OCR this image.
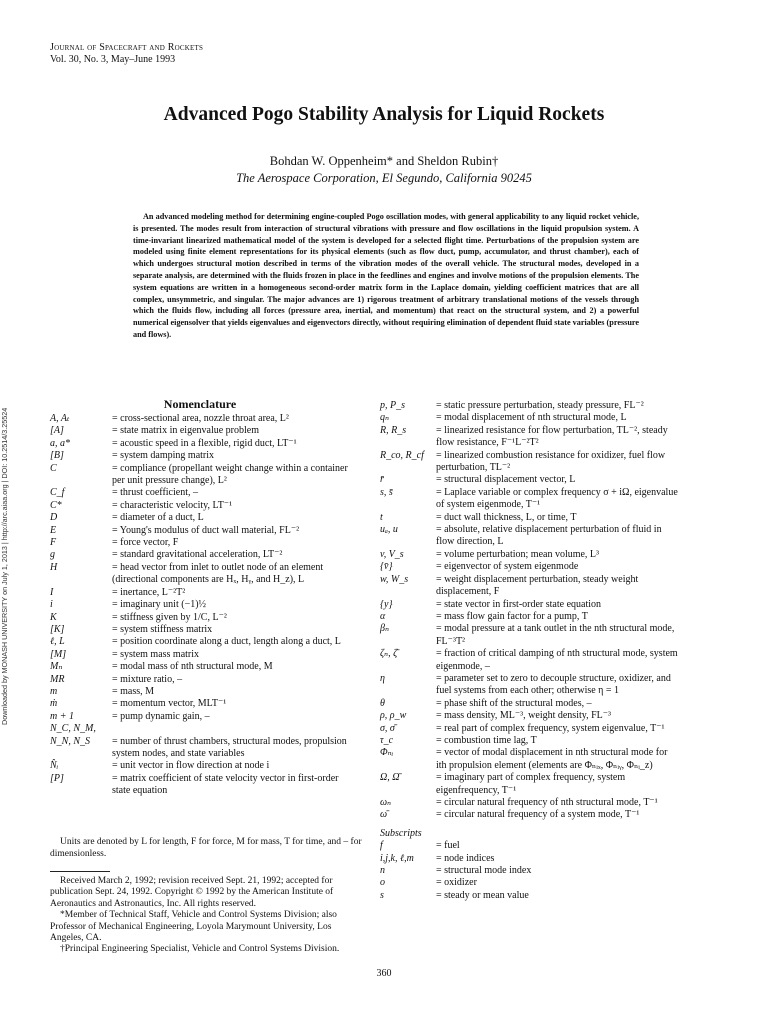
Journal of Spacecraft and Rockets
Vol. 30, No. 3, May–June 1993
Advanced Pogo Stability Analysis for Liquid Rockets
Bohdan W. Oppenheim* and Sheldon Rubin†
The Aerospace Corporation, El Segundo, California 90245
An advanced modeling method for determining engine-coupled Pogo oscillation modes, with general applicability to any liquid rocket vehicle, is presented. The modes result from interaction of structural vibrations with pressure and flow oscillations in the liquid propulsion system. A time-invariant linearized mathematical model of the system is developed for a selected flight time. Perturbations of the propulsion system are modeled using finite element representations for its physical elements (such as flow duct, pump, accumulator, and thrust chamber), each of which undergoes structural motion described in terms of the vibration modes of the overall vehicle. The structural modes, developed in a separate analysis, are determined with the fluids frozen in place in the feedlines and engines and involve motions of the propulsion elements. The system equations are written in a homogeneous second-order matrix form in the Laplace domain, yielding coefficient matrices that are all complex, unsymmetric, and singular. The major advances are 1) rigorous treatment of arbitrary translational motions of the vessels through which the fluids flow, including all forces (pressure area, inertial, and momentum) that react on the structural system, and 2) a powerful numerical eigensolver that yields eigenvalues and eigenvectors directly, without requiring elimination of dependent fluid state variables (pressure and flows).
Downloaded by MONASH UNIVERSITY on July 1, 2013 | http://arc.aiaa.org | DOI: 10.2514/3.25524
Nomenclature
A, Aₜ	= cross-sectional area, nozzle throat area, L²
[A]	= state matrix in eigenvalue problem
a, a*	= acoustic speed in a flexible, rigid duct, LT⁻¹
[B]	= system damping matrix
C	= compliance (propellant weight change within a container per unit pressure change), L²
C_f	= thrust coefficient, –
C*	= characteristic velocity, LT⁻¹
D	= diameter of a duct, L
E	= Young's modulus of duct wall material, FL⁻²
F	= force vector, F
g	= standard gravitational acceleration, LT⁻²
H	= head vector from inlet to outlet node of an element (directional components are Hₓ, Hᵧ, and H_z), L
I	= inertance, L⁻²T²
i	= imaginary unit (−1)½
K	= stiffness given by 1/C, L⁻²
[K]	= system stiffness matrix
ℓ, L	= position coordinate along a duct, length along a duct, L
[M]	= system mass matrix
Mₙ	= modal mass of nth structural mode, M
MR	= mixture ratio, –
m	= mass, M
ṁ	= momentum vector, MLT⁻¹
m + 1	= pump dynamic gain, –
N_C, N_M,
N_N, N_S	= number of thrust chambers, structural modes, propulsion system nodes, and state variables
N̂ᵢ	= unit vector in flow direction at node i
[P]	= matrix coefficient of state velocity vector in first-order state equation
Units are denoted by L for length, F for force, M for mass, T for time, and – for dimensionless.

Received March 2, 1992; revision received Sept. 21, 1992; accepted for publication Sept. 24, 1992. Copyright © 1992 by the American Institute of Aeronautics and Astronautics, Inc. All rights reserved.

*Member of Technical Staff, Vehicle and Control Systems Division; also Professor of Mechanical Engineering, Loyola Marymount University, Los Angeles, CA.

†Principal Engineering Specialist, Vehicle and Control Systems Division.

p, P_s	= static pressure perturbation, steady pressure, FL⁻²
qₙ	= modal displacement of nth structural mode, L
R, R_s	= linearized resistance for flow perturbation, TL⁻², steady flow resistance, F⁻¹L⁻²T²
R_co, R_cf	= linearized combustion resistance for oxidizer, fuel flow perturbation, TL⁻²
r̄	= structural displacement vector, L
s, s̄	= Laplace variable or complex frequency σ + iΩ, eigenvalue of system eigenmode, T⁻¹
t	= duct wall thickness, L, or time, T
uₐ, u	= absolute, relative displacement perturbation of fluid in flow direction, L
v, V_s	= volume perturbation; mean volume, L³
{v̄}	= eigenvector of system eigenmode
w, W_s	= weight displacement perturbation, steady weight displacement, F
{y}	= state vector in first-order state equation
α	= mass flow gain factor for a pump, T
βₙ	= modal pressure at a tank outlet in the nth structural mode, FL⁻³T²
ζₙ, ζ̄	= fraction of critical damping of nth structural mode, system eigenmode, –
η	= parameter set to zero to decouple structure, oxidizer, and fuel systems from each other; otherwise η = 1
θ	= phase shift of the structural modes, –
ρ, ρ_w	= mass density, ML⁻³, weight density, FL⁻³
σ, σ̄	= real part of complex frequency, system eigenvalue, T⁻¹
τ_c	= combustion time lag, T
Φₙᵢ	= vector of modal displacement in nth structural mode for ith propulsion element (elements are Φₙᵢₓ, Φₙᵢᵧ, Φₙᵢ_z)
Ω, Ω̄	= imaginary part of complex frequency, system eigenfrequency, T⁻¹
ωₙ	= circular natural frequency of nth structural mode, T⁻¹
ω̄	= circular natural frequency of a system mode, T⁻¹
Subscripts
f	= fuel
i,j,k, ℓ,m	= node indices
n	= structural mode index
o	= oxidizer
s	= steady or mean value
360
